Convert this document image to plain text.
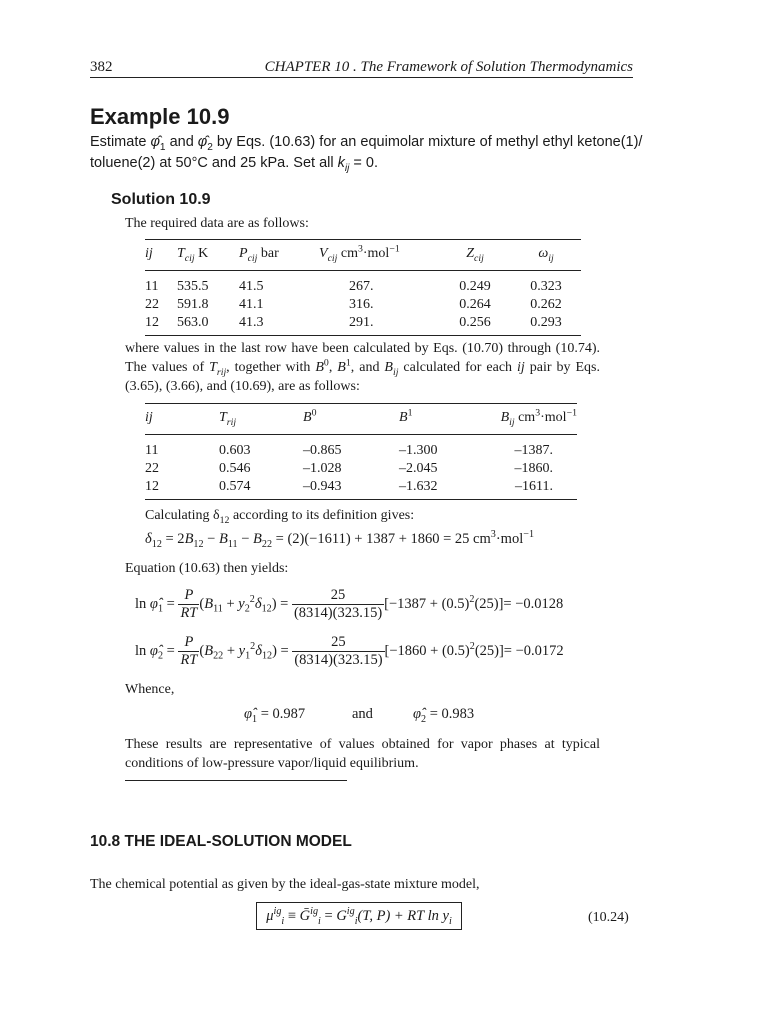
382	CHAPTER 10 . The Framework of Solution Thermodynamics
Example 10.9
Estimate $\varphî_1$ and $\varphî_2$ by Eqs. (10.63) for an equimolar mixture of methyl ethyl ketone(1)/ toluene(2) at 50°C and 25 kPa. Set all $k_{ij} = 0$.
Solution 10.9
The required data are as follows:
ij	$T_{cij}$ K	$P_{cij}$ bar	$V_{cij}$ $cm^3\cdot mol^{-1}$	$Z_{cij}$	$\omega_{ij}$
11	535.5	41.5	267.	0.249	0.323
22	591.8	41.1	316.	0.264	0.262
12	563.0	41.3	291.	0.256	0.293
where values in the last row have been calculated by Eqs. (10.70) through (10.74). The values of $T_{rij}$, together with $B^0$, $B^1$, and $B_{ij}$ calculated for each ij pair by Eqs. (3.65), (3.66), and (10.69), are as follows:
ij	$T_{rij}$	$B^0$	$B^1$	$B_{ij}$ $cm^3\cdot mol^{-1}$
11	0.603	–0.865	–1.300	–1387.
22	0.546	–1.028	–2.045	–1860.
12	0.574	–0.943	–1.632	–1611.
Calculating $\delta_{12}$ according to its definition gives:
$\delta_{12} = 2B_{12} - B_{11} - B_{22} = (2)(-1611) + 1387 + 1860 = 25$ $cm^3\cdot mol^{-1}$
Equation (10.63) then yields:
$\ln \varphî_1 = \frac{P}{RT} (B_{11} + y_2^2\delta_{12}) = \frac{25}{(8314)(323.15)} [-1387 + (0.5)^2(25)]= -0.0128$
$\ln \varphî_2 = \frac{P}{RT} (B_{22} + y_1^2\delta_{12}) = \frac{25}{(8314)(323.15)} [-1860 + (0.5)^2(25)]= -0.0172$
Whence,
$\varphî_1 = 0.987$	and	$\varphî_2 = 0.983$
These results are representative of values obtained for vapor phases at typical conditions of low-pressure vapor/liquid equilibrium.
10.8 THE IDEAL-SOLUTION MODEL
The chemical potential as given by the ideal-gas-state mixture model,
$\mu^{ig}_i$ ≡ Ḡ$^{ig}_i$ = $G^{ig}_i(T$, P) + RT $\ln y_i$	(10.24)
